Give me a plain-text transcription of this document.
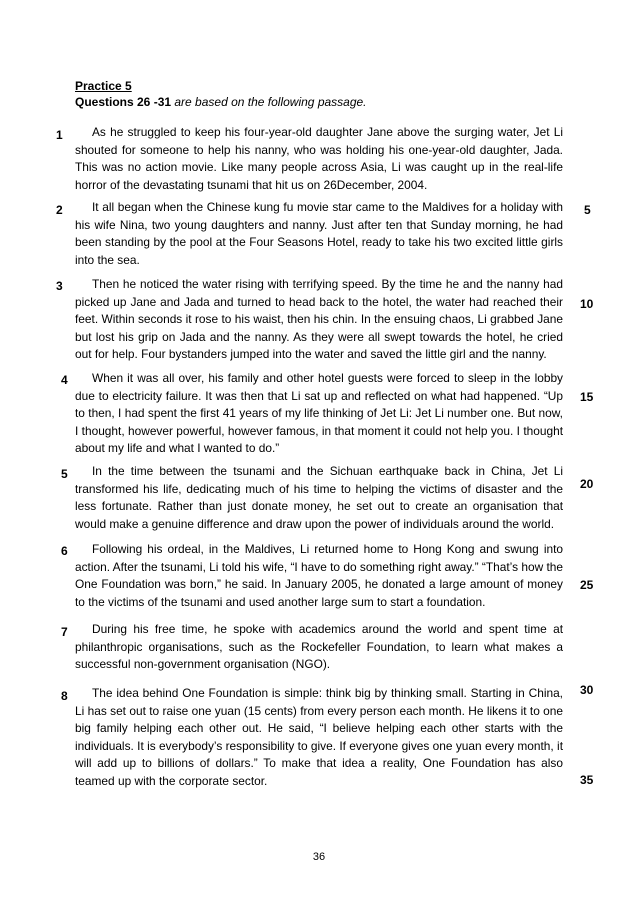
Practice 5
Questions 26 -31 are based on the following passage.
1
2
3
4
5
6
7
8
As he struggled to keep his four-year-old daughter Jane above the surging water, Jet Li shouted for someone to help his nanny, who was holding his one-year-old daughter, Jada. This was no action movie. Like many people across Asia, Li was caught up in the real-life horror of the devastating tsunami that hit us on 26December, 2004.
It all began when the Chinese kung fu movie star came to the Maldives for a holiday with his wife Nina, two young daughters and nanny. Just after ten that Sunday morning, he had been standing by the pool at the Four Seasons Hotel, ready to take his two excited little girls into the sea.
Then he noticed the water rising with terrifying speed. By the time he and the nanny had picked up Jane and Jada and turned to head back to the hotel, the water had reached their feet. Within seconds it rose to his waist, then his chin. In the ensuing chaos, Li grabbed Jane but lost his grip on Jada and the nanny. As they were all swept towards the hotel, he cried out for help. Four bystanders jumped into the water and saved the little girl and the nanny.
When it was all over, his family and other hotel guests were forced to sleep in the lobby due to electricity failure. It was then that Li sat up and reflected on what had happened. “Up to then, I had spent the first 41 years of my life thinking of Jet Li: Jet Li number one. But now, I thought, however powerful, however famous, in that moment it could not help you. I thought about my life and what I wanted to do.”
In the time between the tsunami and the Sichuan earthquake back in China, Jet Li transformed his life, dedicating much of his time to helping the victims of disaster and the less fortunate. Rather than just donate money, he set out to create an organisation that would make a genuine difference and draw upon the power of individuals around the world.
Following his ordeal, in the Maldives, Li returned home to Hong Kong and swung into action. After the tsunami, Li told his wife, “I have to do something right away.” “That’s how the One Foundation was born,” he said. In January 2005, he donated a large amount of money to the victims of the tsunami and used another large sum to start a foundation.
During his free time, he spoke with academics around the world and spent time at philanthropic organisations, such as the Rockefeller Foundation, to learn what makes a successful non-government organisation (NGO).
The idea behind One Foundation is simple: think big by thinking small. Starting in China, Li has set out to raise one yuan (15 cents) from every person each month. He likens it to one big family helping each other out. He said, “I believe helping each other starts with the individuals. It is everybody’s responsibility to give. If everyone gives one yuan every month, it will add up to billions of dollars.” To make that idea a reality, One Foundation has also teamed up with the corporate sector.
5
10
15
20
25
30
35
36
